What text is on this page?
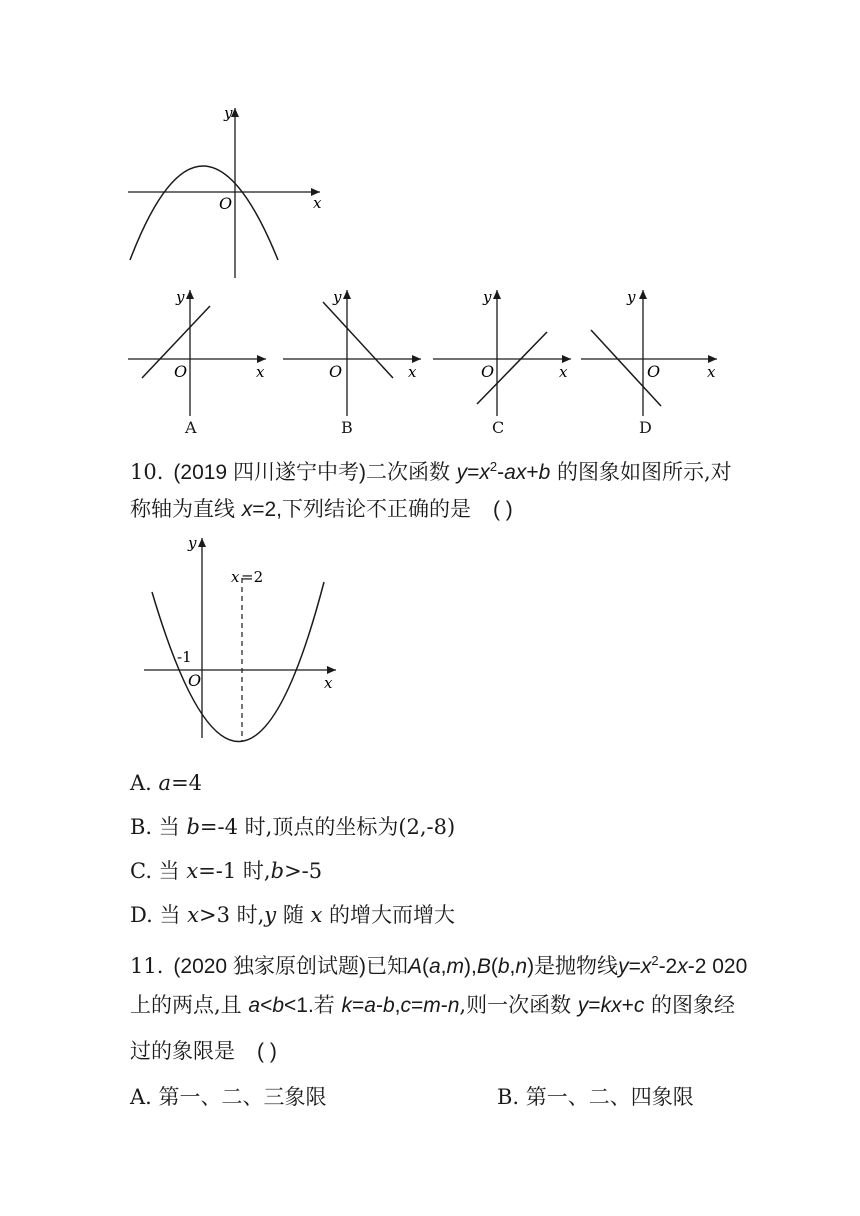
y
x
O
y
O	x
A
y
O	x
B
y
O	x
C
y
O	x
D
10. (2019 四川遂宁中考)二次函数 $y=x^2-ax+b$ 的图象如图所示,对
称轴为直线 x=2,下列结论不正确的是 ( )
y
x =2
-1
O	x
A. a=4
B. 当 b=-4 时,顶点的坐标为(2,-8)
C. 当 x=-1 时,b>-5
D. 当 x>3 时,y 随 x 的增大而增大
11. (2020 独家原创试题)已知A(a,m),B(b,n)是抛物线$y=x^2-2x-2$ 020
上的两点,且 a<b<1.若 k=a-b,c=m-n,则一次函数 y=kx+c 的图象经
过的象限是 ( )
A. 第一、二、三象限	B. 第一、二、四象限
